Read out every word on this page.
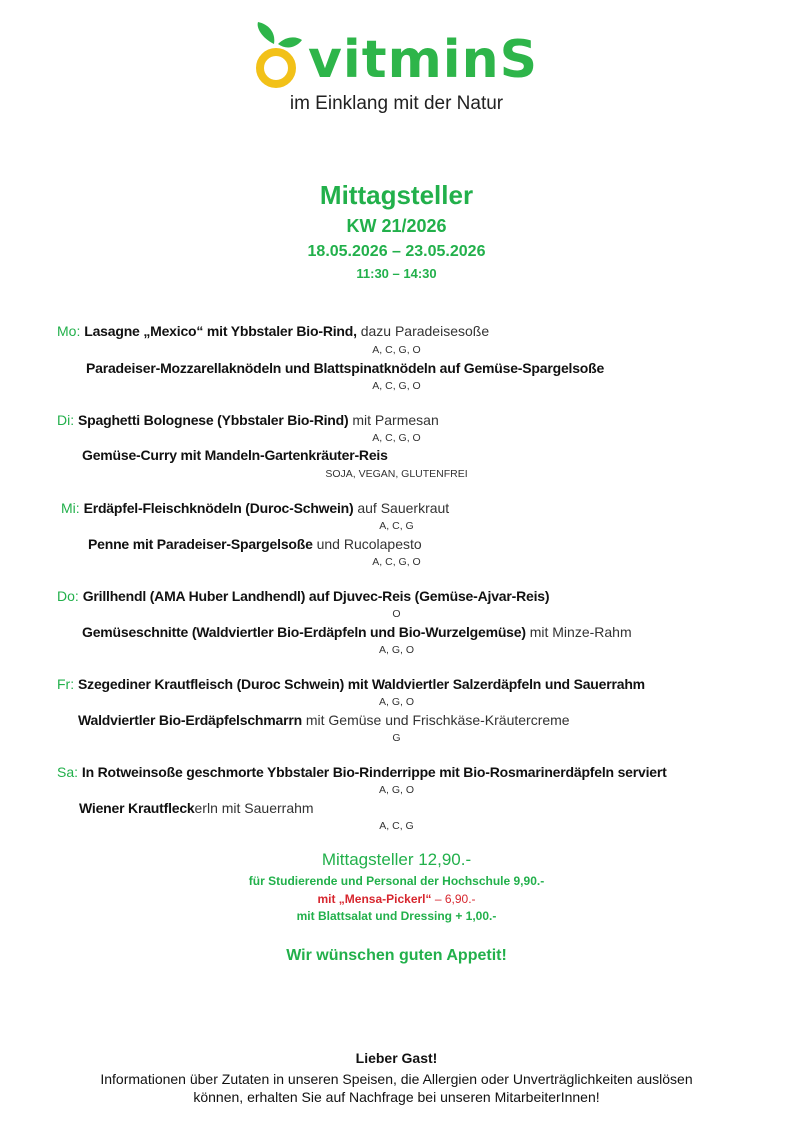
vitminS
im Einklang mit der Natur
Mittagsteller
KW 21/2026
18.05.2026 – 23.05.2026
11:30 – 14:30
Mo: Lasagne „Mexico“ mit Ybbstaler Bio-Rind, dazu Paradeisesoße
A, C, G, O
Paradeiser-Mozzarellaknödeln und Blattspinatknödeln auf Gemüse-Spargelsoße
A, C, G, O
Di: Spaghetti Bolognese (Ybbstaler Bio-Rind) mit Parmesan
A, C, G, O
Gemüse-Curry mit Mandeln-Gartenkräuter-Reis
SOJA, VEGAN, GLUTENFREI
Mi: Erdäpfel-Fleischknödeln (Duroc-Schwein) auf Sauerkraut
A, C, G
Penne mit Paradeiser-Spargelsoße und Rucolapesto
A, C, G, O
Do: Grillhendl (AMA Huber Landhendl) auf Djuvec-Reis (Gemüse-Ajvar-Reis)
O
Gemüseschnitte (Waldviertler Bio-Erdäpfeln und Bio-Wurzelgemüse) mit Minze-Rahm
A, G, O
Fr: Szegediner Krautfleisch (Duroc Schwein) mit Waldviertler Salzerdäpfeln und Sauerrahm
A, G, O
Waldviertler Bio-Erdäpfelschmarrn mit Gemüse und Frischkäse-Kräutercreme
G
Sa: In Rotweinsoße geschmorte Ybbstaler Bio-Rinderrippe mit Bio-Rosmarinerdäpfeln serviert
A, G, O
Wiener Krautfleckerln mit Sauerrahm
A, C, G
Mittagsteller 12,90.-
für Studierende und Personal der Hochschule 9,90.-
mit „Mensa-Pickerl“ – 6,90.-
mit Blattsalat und Dressing + 1,00.-
Wir wünschen guten Appetit!
Lieber Gast!
Informationen über Zutaten in unseren Speisen, die Allergien oder Unverträglichkeiten auslösen
können, erhalten Sie auf Nachfrage bei unseren MitarbeiterInnen!
